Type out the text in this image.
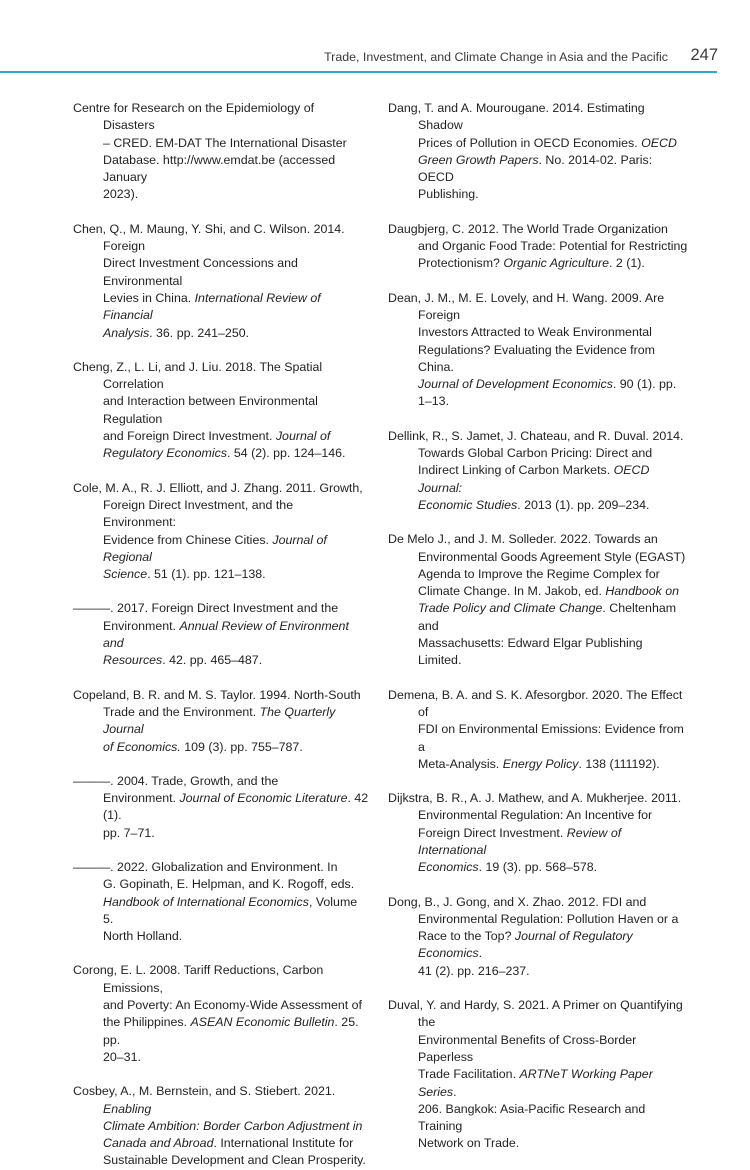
Trade, Investment, and Climate Change in Asia and the Pacific 247

Centre for Research on the Epidemiology of Disasters
– CRED. EM-DAT The International Disaster
Database. http://www.emdat.be (accessed January
2023).

Chen, Q., M. Maung, Y. Shi, and C. Wilson. 2014. Foreign
Direct Investment Concessions and Environmental
Levies in China. International Review of Financial
Analysis. 36. pp. 241–250.

Cheng, Z., L. Li, and J. Liu. 2018. The Spatial Correlation
and Interaction between Environmental Regulation
and Foreign Direct Investment. Journal of
Regulatory Economics. 54 (2). pp. 124–146.

Cole, M. A., R. J. Elliott, and J. Zhang. 2011. Growth,
Foreign Direct Investment, and the Environment:
Evidence from Chinese Cities. Journal of Regional
Science. 51 (1). pp. 121–138.

———. 2017. Foreign Direct Investment and the
Environment. Annual Review of Environment and
Resources. 42. pp. 465–487.

Copeland, B. R. and M. S. Taylor. 1994. North-South
Trade and the Environment. The Quarterly Journal
of Economics. 109 (3). pp. 755–787.

———. 2004. Trade, Growth, and the
Environment. Journal of Economic Literature. 42 (1).
pp. 7–71.

———. 2022. Globalization and Environment. In
G. Gopinath, E. Helpman, and K. Rogoff, eds.
Handbook of International Economics, Volume 5.
North Holland.

Corong, E. L. 2008. Tariff Reductions, Carbon Emissions,
and Poverty: An Economy-Wide Assessment of
the Philippines. ASEAN Economic Bulletin. 25. pp.
20–31.

Cosbey, A., M. Bernstein, and S. Stiebert. 2021. Enabling
Climate Ambition: Border Carbon Adjustment in
Canada and Abroad. International Institute for
Sustainable Development and Clean Prosperity.

Dang, T. and A. Mourougane. 2014. Estimating Shadow
Prices of Pollution in OECD Economies. OECD
Green Growth Papers. No. 2014-02. Paris: OECD
Publishing.

Daugbjerg, C. 2012. The World Trade Organization
and Organic Food Trade: Potential for Restricting
Protectionism? Organic Agriculture. 2 (1).

Dean, J. M., M. E. Lovely, and H. Wang. 2009. Are Foreign
Investors Attracted to Weak Environmental
Regulations? Evaluating the Evidence from China.
Journal of Development Economics. 90 (1). pp. 1–13.

Dellink, R., S. Jamet, J. Chateau, and R. Duval. 2014.
Towards Global Carbon Pricing: Direct and
Indirect Linking of Carbon Markets. OECD Journal:
Economic Studies. 2013 (1). pp. 209–234.

De Melo J., and J. M. Solleder. 2022. Towards an
Environmental Goods Agreement Style (EGAST)
Agenda to Improve the Regime Complex for
Climate Change. In M. Jakob, ed. Handbook on
Trade Policy and Climate Change. Cheltenham and
Massachusetts: Edward Elgar Publishing Limited.

Demena, B. A. and S. K. Afesorgbor. 2020. The Effect of
FDI on Environmental Emissions: Evidence from a
Meta-Analysis. Energy Policy. 138 (111192).

Dijkstra, B. R., A. J. Mathew, and A. Mukherjee. 2011.
Environmental Regulation: An Incentive for
Foreign Direct Investment. Review of International
Economics. 19 (3). pp. 568–578.

Dong, B., J. Gong, and X. Zhao. 2012. FDI and
Environmental Regulation: Pollution Haven or a
Race to the Top? Journal of Regulatory Economics.
41 (2). pp. 216–237.

Duval, Y. and Hardy, S. 2021. A Primer on Quantifying the
Environmental Benefits of Cross-Border Paperless
Trade Facilitation. ARTNeT Working Paper Series.
206. Bangkok: Asia-Pacific Research and Training
Network on Trade.
